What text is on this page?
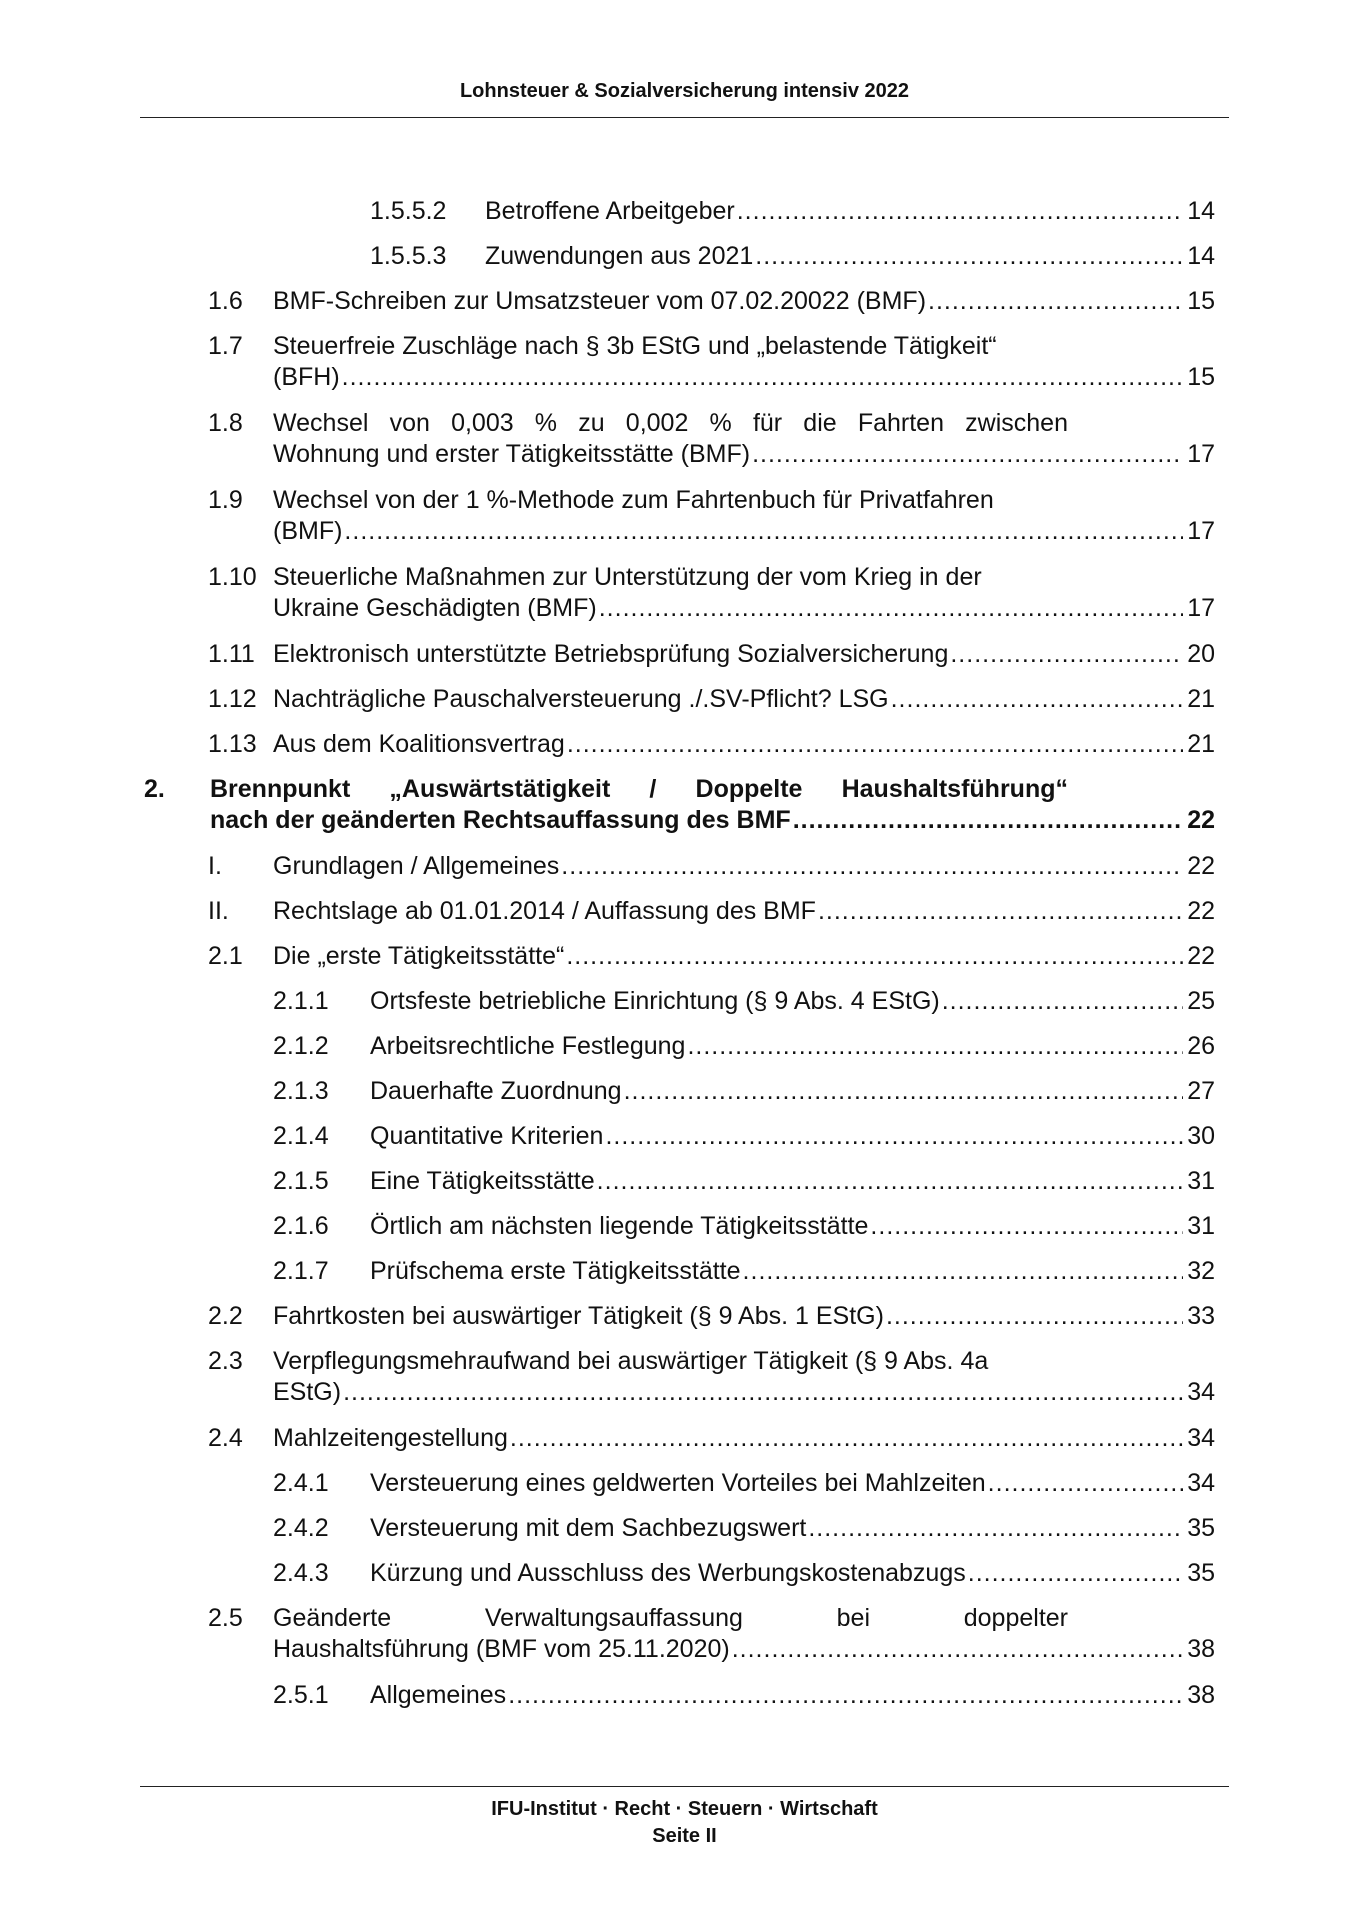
Lohnsteuer & Sozialversicherung intensiv 2022
1.5.5.2 Betroffene Arbeitgeber .....	14
1.5.5.3 Zuwendungen aus 2021 .....	14
1.6 BMF-Schreiben zur Umsatzsteuer vom 07.02.20022 (BMF) .....	15
1.7 Steuerfreie Zuschläge nach § 3b EStG und „belastende Tätigkeit“
(BFH) .....	15
1.8 Wechsel von 0,003 % zu 0,002 % für die Fahrten zwischen
Wohnung und erster Tätigkeitsstätte (BMF) .....	17
1.9 Wechsel von der 1 %-Methode zum Fahrtenbuch für Privatfahren
(BMF) .....	17
1.10 Steuerliche Maßnahmen zur Unterstützung der vom Krieg in der
Ukraine Geschädigten (BMF) .....	17
1.11 Elektronisch unterstützte Betriebsprüfung Sozialversicherung .....	20
1.12 Nachträgliche Pauschalversteuerung ./.SV-Pflicht? LSG .....	21
1.13 Aus dem Koalitionsvertrag .....	21
2. Brennpunkt „Auswärtstätigkeit / Doppelte Haushaltsführung“
nach der geänderten Rechtsauffassung des BMF .....	22
I. Grundlagen / Allgemeines .....	22
II. Rechtslage ab 01.01.2014 / Auffassung des BMF .....	22
2.1 Die „erste Tätigkeitsstätte“ .....	22
2.1.1 Ortsfeste betriebliche Einrichtung (§ 9 Abs. 4 EStG) .....	25
2.1.2 Arbeitsrechtliche Festlegung .....	26
2.1.3 Dauerhafte Zuordnung .....	27
2.1.4 Quantitative Kriterien .....	30
2.1.5 Eine Tätigkeitsstätte .....	31
2.1.6 Örtlich am nächsten liegende Tätigkeitsstätte .....	31
2.1.7 Prüfschema erste Tätigkeitsstätte .....	32
2.2 Fahrtkosten bei auswärtiger Tätigkeit (§ 9 Abs. 1 EStG) .....	33
2.3 Verpflegungsmehraufwand bei auswärtiger Tätigkeit (§ 9 Abs. 4a
EStG) .....	34
2.4 Mahlzeitengestellung .....	34
2.4.1 Versteuerung eines geldwerten Vorteiles bei Mahlzeiten .....	34
2.4.2 Versteuerung mit dem Sachbezugswert .....	35
2.4.3 Kürzung und Ausschluss des Werbungskostenabzugs .....	35
2.5 Geänderte Verwaltungsauffassung bei doppelter
Haushaltsführung (BMF vom 25.11.2020) .....	38
2.5.1 Allgemeines .....	38
IFU-Institut · Recht · Steuern · Wirtschaft
Seite II
